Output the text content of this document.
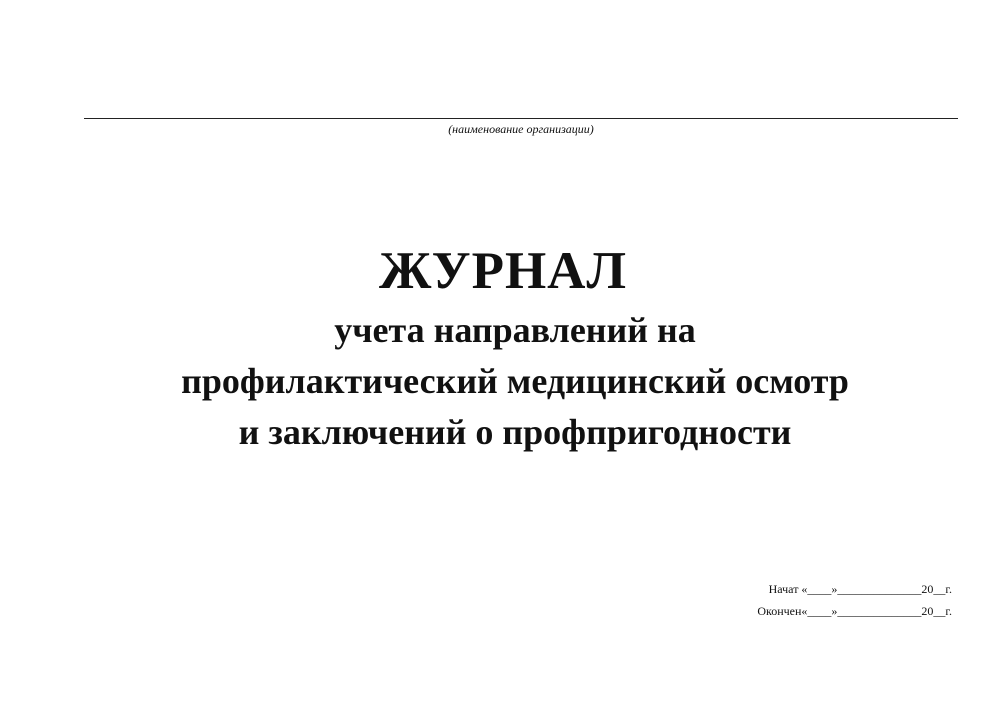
(наименование организации)
ЖУРНАЛ
учета направлений на
профилактический медицинский осмотр
и заключений о профпригодности
Начат «____»______________20__г.
Окончен«____»______________20__г.
